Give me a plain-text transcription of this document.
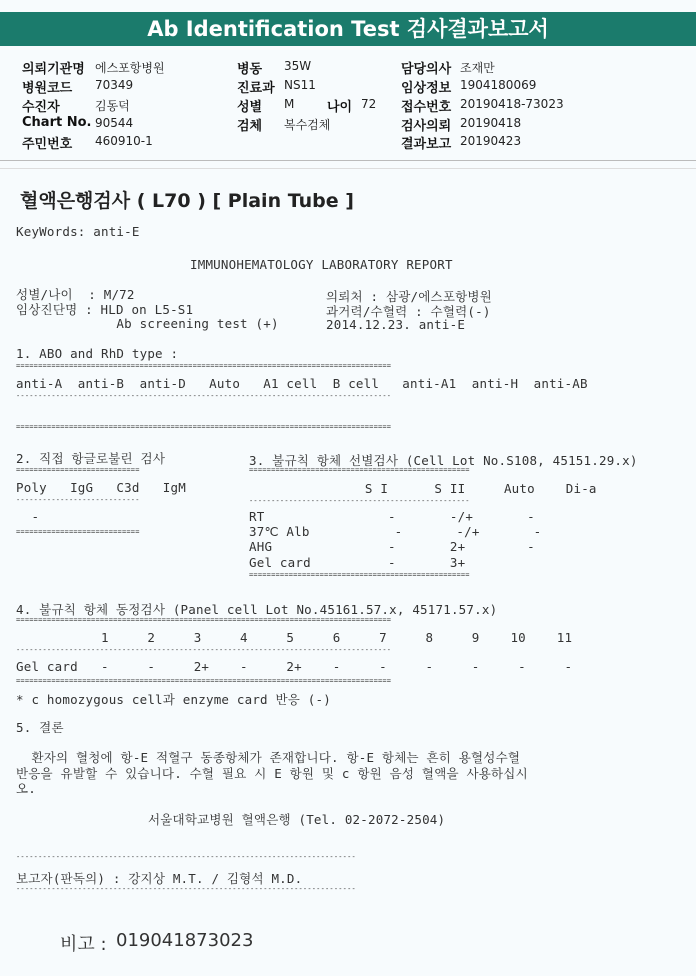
Ab Identification Test 검사결과보고서
의뢰기관명 에스포항병원
병원코드 70349
수진자	김동덕
Chart No. 90544
주민번호 460910-1
병동 35W
진료과 NS11
성별 M	나이 72
검체 복수검체
담당의사 조재만
임상정보 1904180069
접수번호 20190418-73023
검사의뢰 20190418
결과보고 20190423
혈액은행검사 ( L70 ) [ Plain Tube ]
KeyWords: anti-E
IMMUNOHEMATOLOGY LABORATORY REPORT
성별/나이  : M/72
임상진단명 : HLD on L5-S1
Ab screening test (+)
의뢰처 : 삼광/에스포항병원
과거력/수혈력 : 수혈력(-)
2014.12.23. anti-E
1. ABO and RhD type :
=====================================================================================
anti-A  anti-B  anti-D   Auto   A1 cell  B cell   anti-A1  anti-H  anti-AB
-------------------------------------------------------------------------------------
=====================================================================================
2. 직접 항글로불린 검사	3. 불규칙 항체 선별검사 (Cell Lot No.S108, 45151.29.x)
============================
Poly   IgG   C3d   IgM
----------------------------
-
============================
==================================================
S I      S II     Auto    Di-a
--------------------------------------------------
RT                -       -/+       -
37℃ Alb           -       -/+       -
AHG               -       2+        -
Gel card          -       3+
==================================================
4. 불규칙 항체 동정검사 (Panel cell Lot No.45161.57.x, 45171.57.x)
=====================================================================================
1     2     3     4     5     6     7     8     9    10    11
-------------------------------------------------------------------------------------
Gel card   -     -     2+    -     2+    -     -     -     -     -     -
=====================================================================================
* c homozygous cell과 enzyme card 반응 (-)
5. 결론
환자의 혈청에 항-E 적혈구 동종항체가 존재합니다. 항-E 항체는 흔히 용혈성수혈
반응을 유발할 수 있습니다. 수혈 필요 시 E 항원 및 c 항원 음성 혈액을 사용하십시
오.
서울대학교병원 혈액은행 (Tel. 02-2072-2504)
-----------------------------------------------------------------------------
보고자(판독의) : 강지상 M.T. / 김형석 M.D.
-----------------------------------------------------------------------------
비고 : 019041873023
